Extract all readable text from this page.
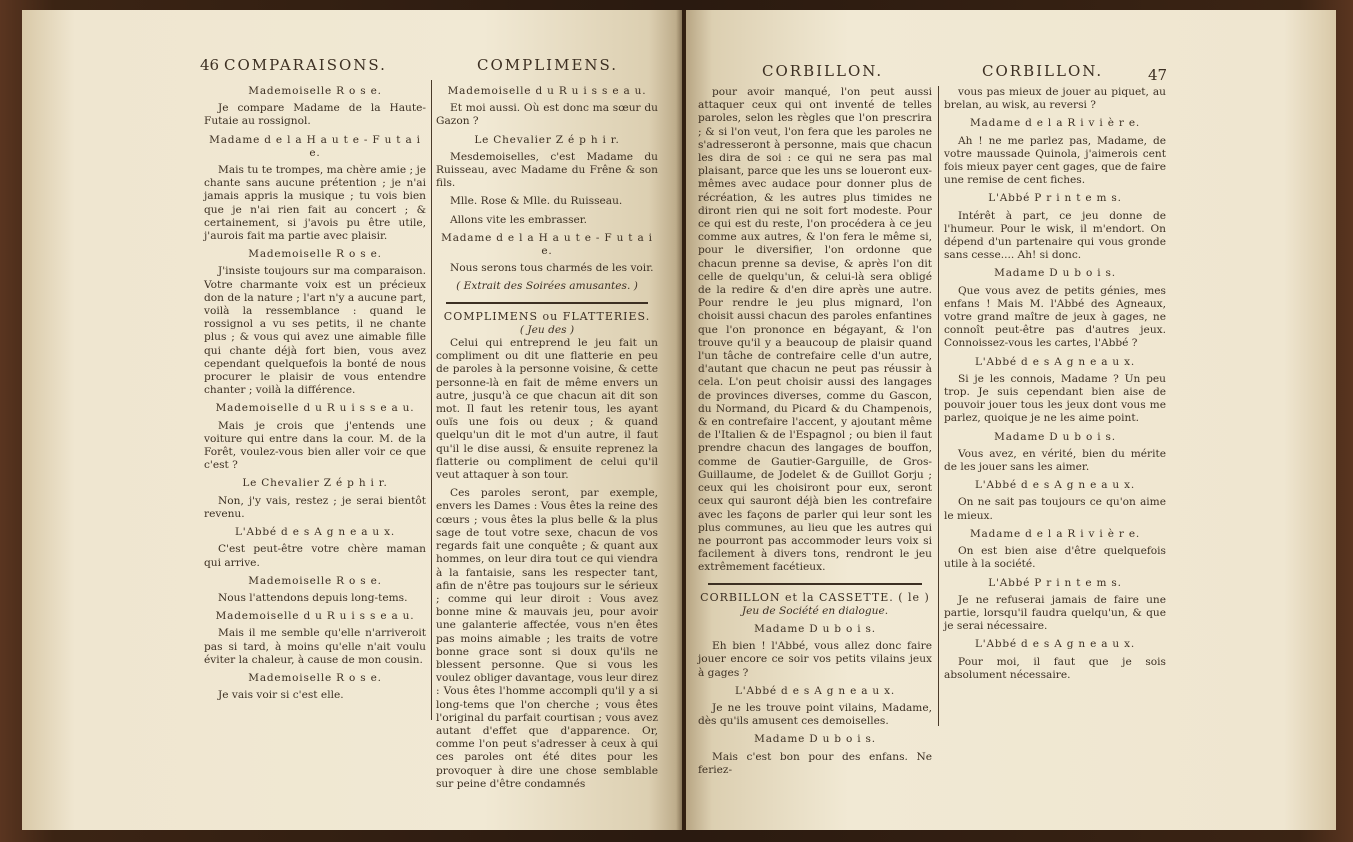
46 COMPARAISONS.
Mademoiselle R o s e.
Je compare Madame de la Haute-Futaie au rossignol.
Madame d e l a H a u t e - F u t a i e.
Mais tu te trompes, ma chère amie ; je chante sans aucune prétention ; je n'ai jamais appris la musique ; tu vois bien que je n'ai rien fait au concert ; & certainement, si j'avois pu être utile, j'aurois fait ma partie avec plaisir.
Mademoiselle R o s e.
J'insiste toujours sur ma comparaison. Votre charmante voix est un précieux don de la nature ; l'art n'y a aucune part, voilà la ressemblance : quand le rossignol a vu ses petits, il ne chante plus ; & vous qui avez une aimable fille qui chante déjà fort bien, vous avez cependant quelquefois la bonté de nous procurer le plaisir de vous entendre chanter ; voilà la différence.
Mademoiselle d u R u i s s e a u.
Mais je crois que j'entends une voiture qui entre dans la cour. M. de la Forêt, voulez-vous bien aller voir ce que c'est ?
Le Chevalier Z é p h i r.
Non, j'y vais, restez ; je serai bientôt revenu.
L'Abbé d e s A g n e a u x.
C'est peut-être votre chère maman qui arrive.
Mademoiselle R o s e.
Nous l'attendons depuis long-tems.
Mademoiselle d u R u i s s e a u.
Mais il me semble qu'elle n'arriveroit pas si tard, à moins qu'elle n'ait voulu éviter la chaleur, à cause de mon cousin.
Mademoiselle R o s e.
Je vais voir si c'est elle.
COMPLIMENS.
Mademoiselle d u R u i s s e a u.
Et moi aussi. Où est donc ma sœur du Gazon ?
Le Chevalier Z é p h i r.
Mesdemoiselles, c'est Madame du Ruisseau, avec Madame du Frêne & son fils.
Mlle. Rose & Mlle. du Ruisseau.
Allons vite les embrasser.
Madame d e l a H a u t e - F u t a i e.
Nous serons tous charmés de les voir.
( Extrait des Soirées amusantes. )
COMPLIMENS ou FLATTERIES.
( Jeu des )
Celui qui entreprend le jeu fait un compliment ou dit une flatterie en peu de paroles à la personne voisine, & cette personne-là en fait de même envers un autre, jusqu'à ce que chacun ait dit son mot. Il faut les retenir tous, les ayant ouïs une fois ou deux ; & quand quelqu'un dit le mot d'un autre, il faut qu'il le dise aussi, & ensuite reprenez la flatterie ou compliment de celui qu'il veut attaquer à son tour.
Ces paroles seront, par exemple, envers les Dames : Vous êtes la reine des cœurs ; vous êtes la plus belle & la plus sage de tout votre sexe, chacun de vos regards fait une conquête ; & quant aux hommes, on leur dira tout ce qui viendra à la fantaisie, sans les respecter tant, afin de n'être pas toujours sur le sérieux ; comme qui leur diroit : Vous avez bonne mine & mauvais jeu, pour avoir une galanterie affectée, vous n'en êtes pas moins aimable ; les traits de votre bonne grace sont si doux qu'ils ne blessent personne. Que si vous les voulez obliger davantage, vous leur direz : Vous êtes l'homme accompli qu'il y a si long-tems que l'on cherche ; vous êtes l'original du parfait courtisan ; vous avez autant d'effet que d'apparence. Or, comme l'on peut s'adresser à ceux à qui ces paroles ont été dites pour les provoquer à dire une chose semblable sur peine d'être condamnés
CORBILLON.	CORBILLON.	47
pour avoir manqué, l'on peut aussi attaquer ceux qui ont inventé de telles paroles, selon les règles que l'on prescrira ; & si l'on veut, l'on fera que les paroles ne s'adresseront à personne, mais que chacun les dira de soi : ce qui ne sera pas mal plaisant, parce que les uns se loueront eux-mêmes avec audace pour donner plus de récréation, & les autres plus timides ne diront rien qui ne soit fort modeste. Pour ce qui est du reste, l'on procédera à ce jeu comme aux autres, & l'on fera le même si, pour le diversifier, l'on ordonne que chacun prenne sa devise, & après l'on dit celle de quelqu'un, & celui-là sera obligé de la redire & d'en dire après une autre. Pour rendre le jeu plus mignard, l'on choisit aussi chacun des paroles enfantines que l'on prononce en bégayant, & l'on trouve qu'il y a beaucoup de plaisir quand l'un tâche de contrefaire celle d'un autre, d'autant que chacun ne peut pas réussir à cela. L'on peut choisir aussi des langages de provinces diverses, comme du Gascon, du Normand, du Picard & du Champenois, & en contrefaire l'accent, y ajoutant même de l'Italien & de l'Espagnol ; ou bien il faut prendre chacun des langages de bouffon, comme de Gautier-Garguille, de Gros-Guillaume, de Jodelet & de Guillot Gorju ; ceux qui les choisiront pour eux, seront ceux qui sauront déjà bien les contrefaire avec les façons de parler qui leur sont les plus communes, au lieu que les autres qui ne pourront pas accommoder leurs voix si facilement à divers tons, rendront le jeu extrêmement facétieux.
CORBILLON et la CASSETTE. ( le )
Jeu de Société en dialogue.
Madame D u b o i s.
Eh bien ! l'Abbé, vous allez donc faire jouer encore ce soir vos petits vilains jeux à gages ?
L'Abbé d e s A g n e a u x.
Je ne les trouve point vilains, Madame, dès qu'ils amusent ces demoiselles.
Madame D u b o i s.
Mais c'est bon pour des enfans. Ne feriez-
vous pas mieux de jouer au piquet, au brelan, au wisk, au reversi ?
Madame d e l a R i v i è r e.
Ah ! ne me parlez pas, Madame, de votre maussade Quinola, j'aimerois cent fois mieux payer cent gages, que de faire une remise de cent fiches.
L'Abbé P r i n t e m s.
Intérêt à part, ce jeu donne de l'humeur. Pour le wisk, il m'endort. On dépend d'un partenaire qui vous gronde sans cesse.... Ah! si donc.
Madame D u b o i s.
Que vous avez de petits génies, mes enfans ! Mais M. l'Abbé des Agneaux, votre grand maître de jeux à gages, ne connoît peut-être pas d'autres jeux. Connoissez-vous les cartes, l'Abbé ?
L'Abbé d e s A g n e a u x.
Si je les connois, Madame ? Un peu trop. Je suis cependant bien aise de pouvoir jouer tous les jeux dont vous me parlez, quoique je ne les aime point.
Madame D u b o i s.
Vous avez, en vérité, bien du mérite de les jouer sans les aimer.
L'Abbé d e s A g n e a u x.
On ne sait pas toujours ce qu'on aime le mieux.
Madame d e l a R i v i è r e.
On est bien aise d'être quelquefois utile à la société.
L'Abbé P r i n t e m s.
Je ne refuserai jamais de faire une partie, lorsqu'il faudra quelqu'un, & que je serai nécessaire.
L'Abbé d e s A g n e a u x.
Pour moi, il faut que je sois absolument nécessaire.
